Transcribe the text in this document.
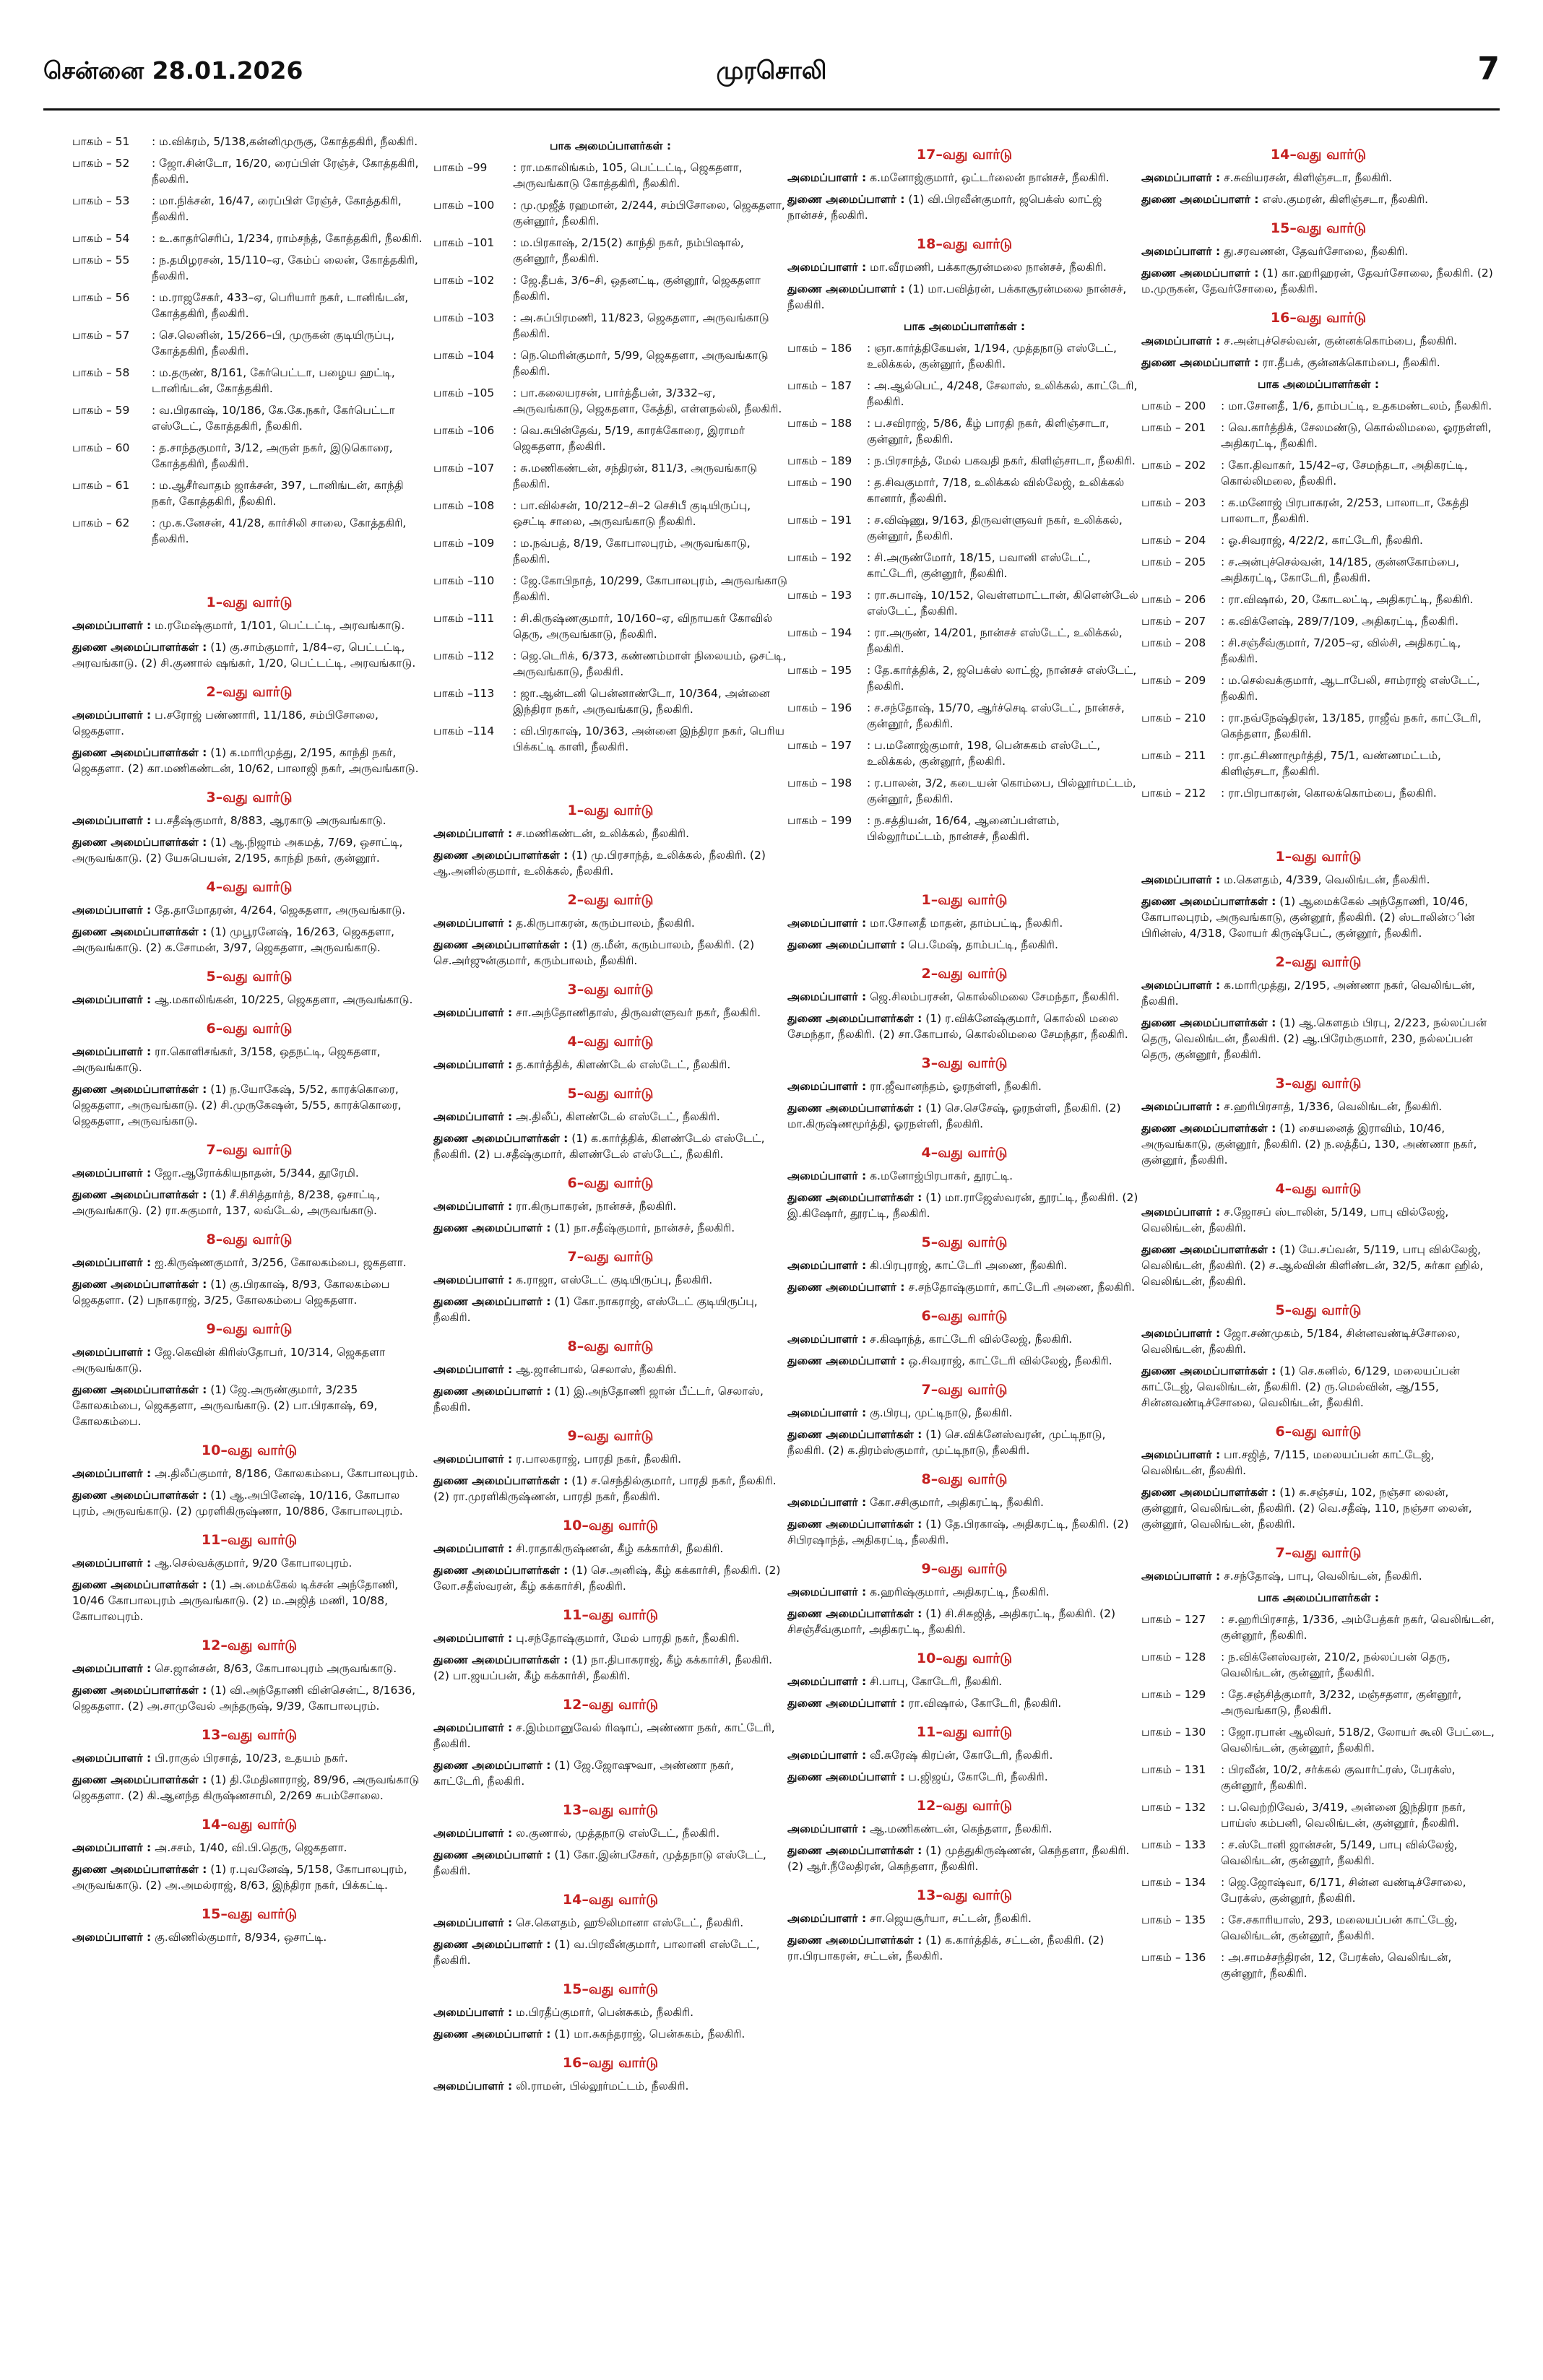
சென்னை 28.01.2026	முரசொலி	7
பாகம் – 51	: ம.விக்ரம், 5/138,கன்னிமுருகு, கோத்தகிரி, நீலகிரி.
பாகம் – 52	: ஜோ.சின்டோ, 16/20, ரைப்பிள் ரேஞ்ச், கோத்தகிரி, நீலகிரி.
பாகம் – 53	: மா.நிக்சன், 16/47, ரைப்பிள் ரேஞ்ச், கோத்தகிரி, நீலகிரி.
பாகம் – 54	: உ.காதர்செரிப், 1/234, ராம்சந்த், கோத்தகிரி, நீலகிரி.
பாகம் – 55	: ந.தமிழரசன், 15/110–ஏ, கேம்ப் லைன், கோத்தகிரி, நீலகிரி.
பாகம் – 56	: ம.ராஜசேகர், 433–ஏ, பெரியார் நகர், டானிங்டன், கோத்தகிரி, நீலகிரி.
பாகம் – 57	: செ.லெனின், 15/266–பி, முருகன் குடியிருப்பு, கோத்தகிரி, நீலகிரி.
பாகம் – 58	: ம.தருண், 8/161, கேர்பெட்டா, பழைய ஹட்டி, டானிங்டன், கோத்தகிரி.
பாகம் – 59	: வ.பிரகாஷ், 10/186, கே.கே.நகர், கேர்பெட்டா எஸ்டேட், கோத்தகிரி, நீலகிரி.
பாகம் – 60	: த.சாந்தகுமார், 3/12, அருள் நகர், இடுகொரை, கோத்தகிரி, நீலகிரி.
பாகம் – 61	: ம.ஆசீர்வாதம் ஜாக்சன், 397, டானிங்டன், காந்தி நகர், கோத்தகிரி, நீலகிரி.
பாகம் – 62	: மு.க.னேசன், 41/28, கார்சிலி சாலை, கோத்தகிரி, நீலகிரி.
1–வது வார்டு
அமைப்பாளர் : ம.ரமேஷ்குமார், 1/101, பெட்டட்டி, அரவங்காடு.
துணை அமைப்பாளர்கள் : (1) கு.சாம்குமார், 1/84–ஏ, பெட்டட்டி, அரவங்காடு. (2) சி.குணால் ஷங்கர், 1/20, பெட்டட்டி, அரவங்காடு.
2–வது வார்டு
அமைப்பாளர் : ப.சரோஜ் பண்ணாரி, 11/186, சம்பிசோலை, ஜெகதளா.
துணை அமைப்பாளர்கள் : (1) க.மாரிமுத்து, 2/195, காந்தி நகர், ஜெகதளா. (2) கா.மணிகண்டன், 10/62, பாலாஜி நகர், அருவங்காடு.
3–வது வார்டு
அமைப்பாளர் : ப.சதீஷ்குமார், 8/883, ஆரகாடு அருவங்காடு.
துணை அமைப்பாளர்கள் : (1) ஆ.நிஜாம் அகமத், 7/69, ஒசாட்டி, அருவங்காடு. (2) யேசுபெயன், 2/195, காந்தி நகர், குன்னூர்.
4–வது வார்டு
அமைப்பாளர் : தே.தாமோதரன், 4/264, ஜெகதளா, அருவங்காடு.
துணை அமைப்பாளர்கள் : (1) முபூரனேஷ், 16/263, ஜெகதளா, அருவங்காடு. (2) க.சோமன், 3/97, ஜெகதளா, அருவங்காடு.
5–வது வார்டு
அமைப்பாளர் : ஆ.மகாலிங்கன், 10/225, ஜெகதளா, அருவங்காடு.
6–வது வார்டு
அமைப்பாளர் : ரா.கொளிசங்கர், 3/158, ஒதநட்டி, ஜெகதளா, அருவங்காடு.
துணை அமைப்பாளர்கள் : (1) ந.யோகேஷ், 5/52, காரக்கொரை, ஜெகதளா, அருவங்காடு. (2) சி.முருகேஷன், 5/55, காரக்கொரை, ஜெகதளா, அருவங்காடு.
7–வது வார்டு
அமைப்பாளர் : ஜோ.ஆரோக்கியநாதன், 5/344, தூரேமி.
துணை அமைப்பாளர்கள் : (1) சீ.சிசித்தார்த், 8/238, ஒசாட்டி, அருவங்காடு. (2) ரா.சுகுமார், 137, லவ்டேல், அருவங்காடு.
8–வது வார்டு
அமைப்பாளர் : ஐ.கிருஷ்ணகுமார், 3/256, கோலகம்பை, ஜகதளா.
துணை அமைப்பாளர்கள் : (1) கு.பிரகாஷ், 8/93, கோலகம்பை ஜெகதளா. (2) பநாகராஜ், 3/25, கோலகம்பை ஜெகதளா.
9–வது வார்டு
அமைப்பாளர் : ஜே.கெவின் கிரிஸ்தோபர், 10/314, ஜெகதளா அருவங்காடு.
துணை அமைப்பாளர்கள் : (1) ஜே.அருண்குமார், 3/235 கோலகம்பை, ஜெகதளா, அருவங்காடு. (2) பா.பிரகாஷ், 69, கோலகம்பை.
10–வது வார்டு
அமைப்பாளர் : அ.திலீப்குமார், 8/186, கோலகம்பை, கோபாலபுரம்.
துணை அமைப்பாளர்கள் : (1) ஆ.அபினேஷ், 10/116, கோபால புரம், அருவங்காடு. (2) முரளிகிருஷ்ணா, 10/886, கோபாலபுரம்.
11–வது வார்டு
அமைப்பாளர் : ஆ.செல்வக்குமார், 9/20 கோபாலபுரம்.
துணை அமைப்பாளர்கள் : (1) அ.மைக்கேல் டிக்சன் அந்தோணி, 10/46 கோபாலபுரம் அருவங்காடு. (2) ம.அஜித் மணி, 10/88, கோபாலபுரம்.
12–வது வார்டு
அமைப்பாளர் : செ.ஜான்சன், 8/63, கோபாலபுரம் அருவங்காடு.
துணை அமைப்பாளர்கள் : (1) வி.அந்தோணி வின்சென்ட், 8/1636, ஜெகதளா. (2) அ.சாமுவேல் அந்தருஷ், 9/39, கோபாலபுரம்.
13–வது வார்டு
அமைப்பாளர் : பி.ராகுல் பிரசாத், 10/23, உதயம் நகர்.
துணை அமைப்பாளர்கள் : (1) தி.மேதினாராஜ், 89/96, அருவங்காடு ஜெகதளா. (2) கி.ஆனந்த கிருஷ்ணசாமி, 2/269 சுபம்சோலை.
14–வது வார்டு
அமைப்பாளர் : அ.சசம், 1/40, வி.பி.தெரு, ஜெகதளா.
துணை அமைப்பாளர்கள் : (1) ர.புவனேஷ், 5/158, கோபாலபுரம், அருவங்காடு. (2) அ.அமல்ராஜ், 8/63, இந்திரா நகர், பிக்கட்டி.
15–வது வார்டு
அமைப்பாளர் : கு.விணில்குமார், 8/934, ஒசாட்டி.
பாக அமைப்பாளர்கள் :
பாகம் –99	: ரா.மகாலிங்கம், 105, பெட்டட்டி, ஜெகதளா, அருவங்காடு கோத்தகிரி, நீலகிரி.
பாகம் –100	: மு.முஜீத் ரஹமான், 2/244, சம்பிசோலை, ஜெகதளா, குன்னூர், நீலகிரி.
பாகம் –101	: ம.பிரகாஷ், 2/15(2) காந்தி நகர், நம்பிஷால், குன்னூர், நீலகிரி.
பாகம் –102	: ஜே.தீபக், 3/6–சி, ஒதனட்டி, குன்னூர், ஜெகதளா நீலகிரி.
பாகம் –103	: அ.சுப்பிரமணி, 11/823, ஜெகதளா, அருவங்காடு நீலகிரி.
பாகம் –104	: நெ.மெரின்குமார், 5/99, ஜெகதளா, அருவங்காடு நீலகிரி.
பாகம் –105	: பா.கலையரசன், பார்த்தீபன், 3/332–ஏ, அருவங்காடு, ஜெகதளா, கேத்தி, எள்ளநல்லி, நீலகிரி.
பாகம் –106	: வெ.சுபின்தேவ், 5/19, காரக்கோரை, இராமர் ஜெகதளா, நீலகிரி.
பாகம் –107	: சு.மணிகண்டன், சந்திரன், 811/3, அருவங்காடு நீலகிரி.
பாகம் –108	: பா.வில்சன், 10/212–சி–2 செசிபீ குடியிருப்பு, ஒசட்டி சாலை, அருவங்காடு நீலகிரி.
பாகம் –109	: ம.நவ்பத், 8/19, கோபாலபுரம், அருவங்காடு, நீலகிரி.
பாகம் –110	: ஜே.கோபிநாத், 10/299, கோபாலபுரம், அருவங்காடு நீலகிரி.
பாகம் –111	: சி.கிருஷ்ணகுமார், 10/160–ஏ, விநாயகர் கோவில் தெரு, அருவங்காடு, நீலகிரி.
பாகம் –112	: ஜெ.டெரிக், 6/373, கண்ணம்மாள் நிலையம், ஒசட்டி, அருவங்காடு, நீலகிரி.
பாகம் –113	: ஜா.ஆன்டனி பென்னாண்டோ, 10/364, அன்னை இந்திரா நகர், அருவங்காடு, நீலகிரி.
பாகம் –114	: வி.பிரகாஷ், 10/363, அன்னை இந்திரா நகர், பெரிய பிக்கட்டி காளி, நீலகிரி.
1–வது வார்டு
அமைப்பாளர் : ச.மணிகண்டன், உலிக்கல், நீலகிரி.
துணை அமைப்பாளர்கள் : (1) மு.பிரசாந்த், உலிக்கல், நீலகிரி. (2) ஆ.அனில்குமார், உலிக்கல், நீலகிரி.
2–வது வார்டு
அமைப்பாளர் : த.கிருபாகரன், கரும்பாலம், நீலகிரி.
துணை அமைப்பாளர்கள் : (1) கு.மீன், கரும்பாலம், நீலகிரி. (2) செ.அர்ஜுன்குமார், கரும்பாலம், நீலகிரி.
3–வது வார்டு
அமைப்பாளர் : சா.அந்தோணிதாஸ், திருவள்ளுவர் நகர், நீலகிரி.
4–வது வார்டு
அமைப்பாளர் : த.கார்த்திக், கிளண்டேல் எஸ்டேட், நீலகிரி.
5–வது வார்டு
அமைப்பாளர் : அ.திலீப், கிளண்டேல் எஸ்டேட், நீலகிரி.
துணை அமைப்பாளர்கள் : (1) க.கார்த்திக், கிளண்டேல் எஸ்டேட், நீலகிரி. (2) ப.சதீஷ்குமார், கிளண்டேல் எஸ்டேட், நீலகிரி.
6–வது வார்டு
அமைப்பாளர் : ரா.கிருபாகரன், நான்சச், நீலகிரி.
துணை அமைப்பாளர் : (1) நா.சதீஷ்குமார், நான்சச், நீலகிரி.
7–வது வார்டு
அமைப்பாளர் : க.ராஜா, எஸ்டேட் குடியிருப்பு, நீலகிரி.
துணை அமைப்பாளர் : (1) கோ.நாகராஜ், எஸ்டேட் குடியிருப்பு, நீலகிரி.
8–வது வார்டு
அமைப்பாளர் : ஆ.ஜான்பால், செலாஸ், நீலகிரி.
துணை அமைப்பாளர் : (1) இ.அந்தோணி ஜான் பீட்டர், செலாஸ், நீலகிரி.
9–வது வார்டு
அமைப்பாளர் : ர.பாலகராஜ், பாரதி நகர், நீலகிரி.
துணை அமைப்பாளர்கள் : (1) ச.செந்தில்குமார், பாரதி நகர், நீலகிரி. (2) ரா.முரளிகிருஷ்ணன், பாரதி நகர், நீலகிரி.
10–வது வார்டு
அமைப்பாளர் : சி.ராதாகிருஷ்ணன், கீழ் கக்கார்சி, நீலகிரி.
துணை அமைப்பாளர்கள் : (1) செ.அனிஷ், கீழ் கக்கார்சி, நீலகிரி. (2) லோ.சதீஸ்வரன், கீழ் கக்கார்சி, நீலகிரி.
11–வது வார்டு
அமைப்பாளர் : பு.சந்தோஷ்குமார், மேல் பாரதி நகர், நீலகிரி.
துணை அமைப்பாளர்கள் : (1) நா.திபாகராஜ், கீழ் கக்கார்சி, நீலகிரி. (2) பா.ஜயப்பன், கீழ் கக்கார்சி, நீலகிரி.
12–வது வார்டு
அமைப்பாளர் : ச.இம்மானுவேல் ரிஷாப், அண்ணா நகர், காட்டேரி, நீலகிரி.
துணை அமைப்பாளர் : (1) ஜே.ஜோஷுவா, அண்ணா நகர், காட்டேரி, நீலகிரி.
13–வது வார்டு
அமைப்பாளர் : ல.குணால், முத்தநாடு எஸ்டேட், நீலகிரி.
துணை அமைப்பாளர் : (1) கோ.இன்பசேகர், முத்தநாடு எஸ்டேட், நீலகிரி.
14–வது வார்டு
அமைப்பாளர் : செ.கௌதம், ஹூலிமானா எஸ்டேட், நீலகிரி.
துணை அமைப்பாளர் : (1) வ.பிரவீன்குமார், பாலானி எஸ்டேட், நீலகிரி.
15–வது வார்டு
அமைப்பாளர் : ம.பிரதீப்குமார், பென்சுகம், நீலகிரி.
துணை அமைப்பாளர் : (1) மா.சுகந்தராஜ், பென்சுகம், நீலகிரி.
16–வது வார்டு
அமைப்பாளர் : லி.ராமன், பில்லூர்மட்டம், நீலகிரி.
17–வது வார்டு
அமைப்பாளர் : க.மனோஜ்குமார், ஒட்டர்லைன் நான்சச், நீலகிரி.
துணை அமைப்பாளர் : (1) வி.பிரவீன்குமார், ஜபெக்ஸ் லாட்ஜ் நான்சச், நீலகிரி.
18–வது வார்டு
அமைப்பாளர் : மா.வீரமணி, பக்காசூரன்மலை நான்சச், நீலகிரி.
துணை அமைப்பாளர் : (1) மா.பவித்ரன், பக்காசூரன்மலை நான்சச், நீலகிரி.
பாக அமைப்பாளர்கள் :
பாகம் – 186	: ஞா.கார்த்திகேயன், 1/194, முத்தநாடு எஸ்டேட், உலிக்கல், குன்னூர், நீலகிரி.
பாகம் – 187	: அ.ஆல்பெட், 4/248, சேலாஸ், உலிக்கல், காட்டேரி, நீலகிரி.
பாகம் – 188	: ப.சவிராஜ், 5/86, கீழ் பாரதி நகர், கிளிஞ்சாடா, குன்னூர், நீலகிரி.
பாகம் – 189	: ந.பிரசாந்த், மேல் பகவதி நகர், கிளிஞ்சாடா, நீலகிரி.
பாகம் – 190	: த.சிவகுமார், 7/18, உலிக்கல் வில்லேஜ், உலிக்கல் கானார், நீலகிரி.
பாகம் – 191	: ச.விஷ்ணு, 9/163, திருவள்ளுவர் நகர், உலிக்கல், குன்னூர், நீலகிரி.
பாகம் – 192	: சி.அருண்மோர், 18/15, பவானி எஸ்டேட், காட்டேரி, குன்னூர், நீலகிரி.
பாகம் – 193	: ரா.சுபாஷ், 10/152, வெள்ளமாட்டான், கிளென்டேல் எஸ்டேட், நீலகிரி.
பாகம் – 194	: ரா.அருண், 14/201, நான்சச் எஸ்டேட், உலிக்கல், நீலகிரி.
பாகம் – 195	: தே.கார்த்திக், 2, ஜபெக்ஸ் லாட்ஜ், நான்சச் எஸ்டேட், நீலகிரி.
பாகம் – 196	: ச.சந்தோஷ், 15/70, ஆர்ச்செடி எஸ்டேட், நான்சச், குன்னூர், நீலகிரி.
பாகம் – 197	: ப.மனோஜ்குமார், 198, பென்சுகம் எஸ்டேட், உலிக்கல், குன்னூர், நீலகிரி.
பாகம் – 198	: ர.பாலன், 3/2, கடையன் கொம்பை, பில்லூர்மட்டம், குன்னூர், நீலகிரி.
பாகம் – 199	: ந.சத்தியன், 16/64, ஆனைப்பள்ளம், பில்லூர்மட்டம், நான்சச், நீலகிரி.
1–வது வார்டு
அமைப்பாளர் : மா.சோனதீ மாதன், தாம்பட்டி, நீலகிரி.
துணை அமைப்பாளர் : பெ.மேஷ், தாம்பட்டி, நீலகிரி.
2–வது வார்டு
அமைப்பாளர் : ஜெ.சிலம்பரசன், கொல்லிமலை சேமந்தா, நீலகிரி.
துணை அமைப்பாளர்கள் : (1) ர.விக்னேஷ்குமார், கொல்லி மலை சேமந்தா, நீலகிரி. (2) சா.கோபால், கொல்லிமலை சேமந்தா, நீலகிரி.
3–வது வார்டு
அமைப்பாளர் : ரா.ஜீவானந்தம், ஓரநள்ளி, நீலகிரி.
துணை அமைப்பாளர்கள் : (1) செ.செசேஷ், ஓரநள்ளி, நீலகிரி. (2) மா.கிருஷ்ணமூர்த்தி, ஓரநள்ளி, நீலகிரி.
4–வது வார்டு
அமைப்பாளர் : க.மனோஜ்பிரபாகர், தூரட்டி.
துணை அமைப்பாளர்கள் : (1) மா.ராஜேஸ்வரன், தூரட்டி, நீலகிரி. (2) இ.கிஷோர், தூரட்டி, நீலகிரி.
5–வது வார்டு
அமைப்பாளர் : கி.பிரபுராஜ், காட்டேரி அணை, நீலகிரி.
துணை அமைப்பாளர் : ச.சந்தோஷ்குமார், காட்டேரி அணை, நீலகிரி.
6–வது வார்டு
அமைப்பாளர் : ச.கிஷாந்த், காட்டேரி வில்லேஜ், நீலகிரி.
துணை அமைப்பாளர் : ஒ.சிவராஜ், காட்டேரி வில்லேஜ், நீலகிரி.
7–வது வார்டு
அமைப்பாளர் : கு.பிரபு, முட்டிநாடு, நீலகிரி.
துணை அமைப்பாளர்கள் : (1) செ.விக்னேஸ்வரன், முட்டிநாடு, நீலகிரி. (2) க.திரம்ஸ்குமார், முட்டிநாடு, நீலகிரி.
8–வது வார்டு
அமைப்பாளர் : கோ.சசிகுமார், அதிகரட்டி, நீலகிரி.
துணை அமைப்பாளர்கள் : (1) தே.பிரகாஷ், அதிகரட்டி, நீலகிரி. (2) சிபிரஷாந்த், அதிகரட்டி, நீலகிரி.
9–வது வார்டு
அமைப்பாளர் : க.ஹரிஷ்குமார், அதிகரட்டி, நீலகிரி.
துணை அமைப்பாளர்கள் : (1) சி.சிசுஜித், அதிகரட்டி, நீலகிரி. (2) சிசஞ்சீவ்குமார், அதிகரட்டி, நீலகிரி.
10–வது வார்டு
அமைப்பாளர் : சி.பாபு, கோடேரி, நீலகிரி.
துணை அமைப்பாளர் : ரா.விஷால், கோடேரி, நீலகிரி.
11–வது வார்டு
அமைப்பாளர் : வீ.சுரேஷ் கிரப்ன், கோடேரி, நீலகிரி.
துணை அமைப்பாளர் : ப.ஜிஜய், கோடேரி, நீலகிரி.
12–வது வார்டு
அமைப்பாளர் : ஆ.மணிகண்டன், கெந்தளா, நீலகிரி.
துணை அமைப்பாளர்கள் : (1) முத்துகிருஷ்ணன், கெந்தளா, நீலகிரி. (2) ஆர்.நீலேதிரன், கெந்தளா, நீலகிரி.
13–வது வார்டு
அமைப்பாளர் : சா.ஜெயசூர்யா, சட்டன், நீலகிரி.
துணை அமைப்பாளர்கள் : (1) க.கார்த்திக், சட்டன், நீலகிரி. (2) ரா.பிரபாகரன், சட்டன், நீலகிரி.
14–வது வார்டு
அமைப்பாளர் : ச.சுவியரசன், கிளிஞ்சடா, நீலகிரி.
துணை அமைப்பாளர் : எஸ்.குமரன், கிளிஞ்சடா, நீலகிரி.
15–வது வார்டு
அமைப்பாளர் : து.சரவணன், தேவர்சோலை, நீலகிரி.
துணை அமைப்பாளர் : (1) கா.ஹரிஹரன், தேவர்சோலை, நீலகிரி. (2) ம.முருகன், தேவர்சோலை, நீலகிரி.
16–வது வார்டு
அமைப்பாளர் : ச.அன்புச்செல்வன், குன்னக்கொம்பை, நீலகிரி.
துணை அமைப்பாளர் : ரா.தீபக், குன்னக்கொம்பை, நீலகிரி.
பாக அமைப்பாளர்கள் :
பாகம் – 200	: மா.சோனதீ, 1/6, தாம்பட்டி, உதகமண்டலம், நீலகிரி.
பாகம் – 201	: வெ.கார்த்திக், சேலமண்டு, கொல்லிமலை, ஓரநள்ளி, அதிகரட்டி, நீலகிரி.
பாகம் – 202	: கோ.திவாகர், 15/42–ஏ, சேமந்தடா, அதிகரட்டி, கொல்லிமலை, நீலகிரி.
பாகம் – 203	: க.மனோஜ் பிரபாகரன், 2/253, பாலாடா, கேத்தி பாலாடா, நீலகிரி.
பாகம் – 204	: ஓ.சிவராஜ், 4/22/2, காட்டேரி, நீலகிரி.
பாகம் – 205	: ச.அன்புச்செல்வன், 14/185, குன்னகோம்பை, அதிகரட்டி, கோடேரி, நீலகிரி.
பாகம் – 206	: ரா.விஷால், 20, கோடலட்டி, அதிகரட்டி, நீலகிரி.
பாகம் – 207	: க.விக்னேஷ், 289/7/109, அதிகரட்டி, நீலகிரி.
பாகம் – 208	: சி.சஞ்சீவ்குமார், 7/205–ஏ, வில்சி, அதிகரட்டி, நீலகிரி.
பாகம் – 209	: ம.செல்வக்குமார், ஆடாபேலி, சாம்ராஜ் எஸ்டேட், நீலகிரி.
பாகம் – 210	: ரா.நவ்நேஷ்திரன், 13/185, ராஜீவ் நகர், காட்டேரி, கெந்தளா, நீலகிரி.
பாகம் – 211	: ரா.தட்சிணாமூர்த்தி, 75/1, வண்ணமட்டம், கிளிஞ்சடா, நீலகிரி.
பாகம் – 212	: ரா.பிரபாகரன், கொலக்கொம்பை, நீலகிரி.
1–வது வார்டு
அமைப்பாளர் : ம.கௌதம், 4/339, வெலிங்டன், நீலகிரி.
துணை அமைப்பாளர்கள் : (1) ஆமைக்கேல் அந்தோணி, 10/46, கோபாலபுரம், அருவங்காடு, குன்னூர், நீலகிரி. (2) ஸ்டாலின்ின் பிரின்ஸ், 4/318, லோயர் கிருஷ்பேட், குன்னூர், நீலகிரி.
2–வது வார்டு
அமைப்பாளர் : க.மாரிமுத்து, 2/195, அண்ணா நகர், வெலிங்டன், நீலகிரி.
துணை அமைப்பாளர்கள் : (1) ஆ.கௌதம் பிரபு, 2/223, நல்லப்பன் தெரு, வெலிங்டன், நீலகிரி. (2) ஆ.பிரேம்குமார், 230, நல்லப்பன் தெரு, குன்னூர், நீலகிரி.
3–வது வார்டு
அமைப்பாளர் : ச.ஹரிபிரசாத், 1/336, வெலிங்டன், நீலகிரி.
துணை அமைப்பாளர்கள் : (1) சையனைத் இராவிம், 10/46, அருவங்காடு, குன்னூர், நீலகிரி. (2) ந.லத்தீப், 130, அண்ணா நகர், குன்னூர், நீலகிரி.
4–வது வார்டு
அமைப்பாளர் : ச.ஜோசப் ஸ்டாலின், 5/149, பாபு வில்லேஜ், வெலிங்டன், நீலகிரி.
துணை அமைப்பாளர்கள் : (1) யே.சப்வன், 5/119, பாபு வில்லேஜ், வெலிங்டன், நீலகிரி. (2) ச.ஆல்வின் கிளிண்டன், 32/5, சுர்கா ஹில், வெலிங்டன், நீலகிரி.
5–வது வார்டு
அமைப்பாளர் : ஜோ.சண்முகம், 5/184, சின்னவண்டிச்சோலை, வெலிங்டன், நீலகிரி.
துணை அமைப்பாளர்கள் : (1) செ.கனில், 6/129, மலையப்பன் காட்டேஜ், வெலிங்டன், நீலகிரி. (2) ரு.மெல்வின், ஆ/155, சின்னவண்டிச்சோலை, வெலிங்டன், நீலகிரி.
6–வது வார்டு
அமைப்பாளர் : பா.சஜித், 7/115, மலையப்பன் காட்டேஜ், வெலிங்டன், நீலகிரி.
துணை அமைப்பாளர்கள் : (1) சு.சஞ்சய், 102, நஞ்சா லைன், குன்னூர், வெலிங்டன், நீலகிரி. (2) வெ.சதீஷ், 110, நஞ்சா லைன், குன்னூர், வெலிங்டன், நீலகிரி.
7–வது வார்டு
அமைப்பாளர் : ச.சந்தோஷ், பாபு, வெலிங்டன், நீலகிரி.
பாக அமைப்பாளர்கள் :
பாகம் – 127	: ச.ஹரிபிரசாத், 1/336, அம்பேத்கர் நகர், வெலிங்டன், குன்னூர், நீலகிரி.
பாகம் – 128	: ந.விக்னேஸ்வரன், 210/2, நல்லப்பன் தெரு, வெலிங்டன், குன்னூர், நீலகிரி.
பாகம் – 129	: தே.சஞ்சித்குமார், 3/232, மஞ்சதளா, குன்னூர், அருவங்காடு, நீலகிரி.
பாகம் – 130	: ஜோ.ரபான் ஆலிவர், 518/2, லோயர் கூலி பேட்டை, வெலிங்டன், குன்னூர், நீலகிரி.
பாகம் – 131	: பிரவீன், 10/2, சர்க்கல் குவார்ட்ரஸ், பேரக்ஸ், குன்னூர், நீலகிரி.
பாகம் – 132	: ப.வெற்றிவேல், 3/419, அன்னை இந்திரா நகர், பாய்ஸ் கம்பனி, வெலிங்டன், குன்னூர், நீலகிரி.
பாகம் – 133	: ச.ஸ்டோனி ஜான்சன், 5/149, பாபு வில்லேஜ், வெலிங்டன், குன்னூர், நீலகிரி.
பாகம் – 134	: ஜெ.ஜோஷ்வா, 6/171, சின்ன வண்டிச்சோலை, பேரக்ஸ், குன்னூர், நீலகிரி.
பாகம் – 135	: சே.சகாரியாஸ், 293, மலையப்பன் காட்டேஜ், வெலிங்டன், குன்னூர், நீலகிரி.
பாகம் – 136	: அ.சாமச்சந்திரன், 12, பேரக்ஸ், வெலிங்டன், குன்னூர், நீலகிரி.
